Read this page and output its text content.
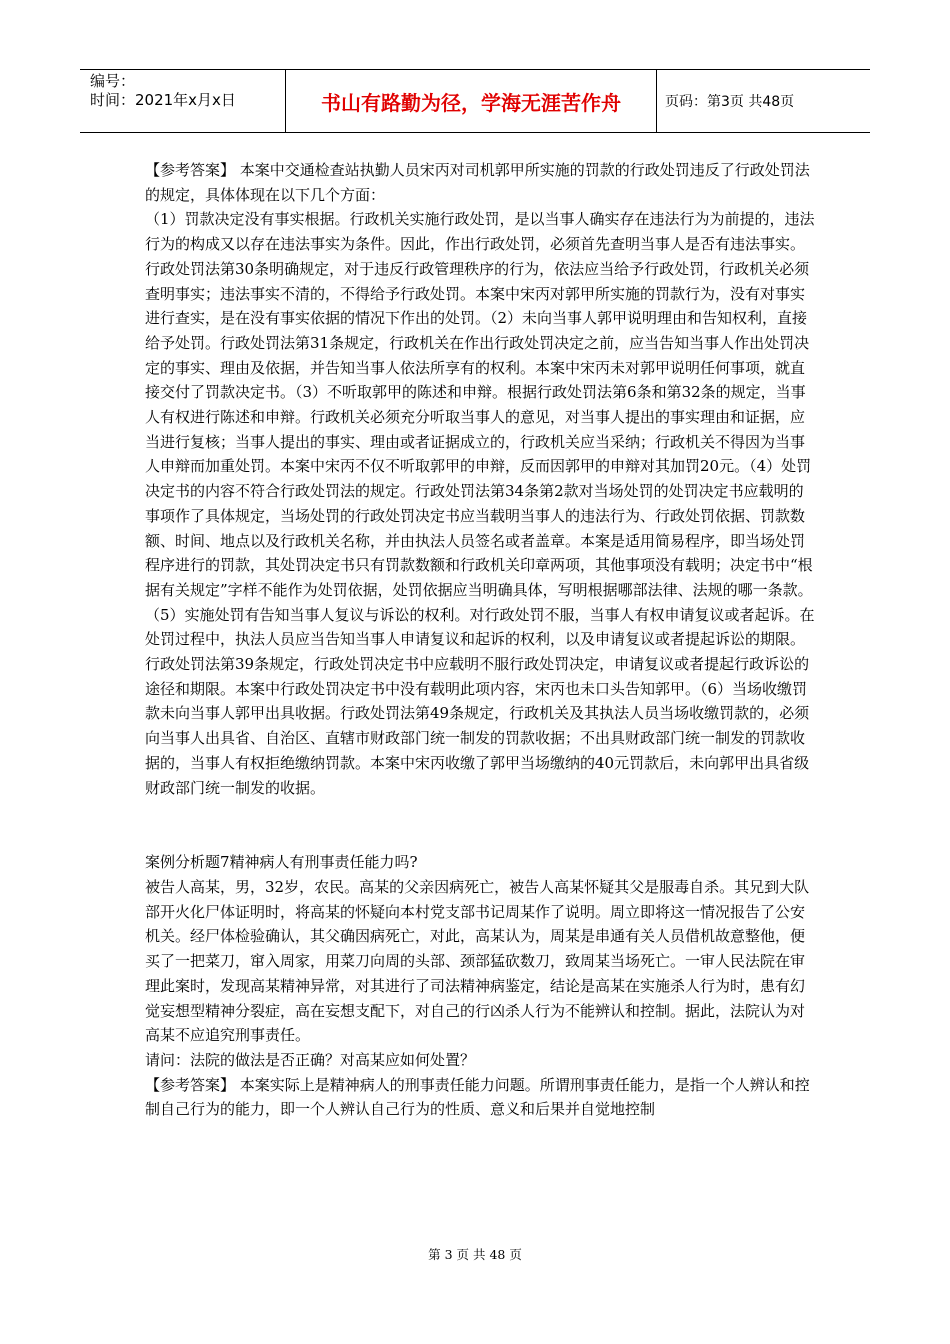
编号：
时间：2021年x月x日	书山有路勤为径，学海无涯苦作舟	页码：第3页 共48页

【参考答案】 本案中交通检查站执勤人员宋丙对司机郭甲所实施的罚款的行政处罚违反了行政处罚法的规定，具体体现在以下几个方面：

（1）罚款决定没有事实根据。行政机关实施行政处罚，是以当事人确实存在违法行为为前提的，违法行为的构成又以存在违法事实为条件。因此，作出行政处罚，必须首先查明当事人是否有违法事实。行政处罚法第30条明确规定，对于违反行政管理秩序的行为，依法应当给予行政处罚，行政机关必须查明事实；违法事实不清的，不得给予行政处罚。本案中宋丙对郭甲所实施的罚款行为，没有对事实进行查实，是在没有事实依据的情况下作出的处罚。（2）未向当事人郭甲说明理由和告知权利，直接给予处罚。行政处罚法第31条规定，行政机关在作出行政处罚决定之前，应当告知当事人作出处罚决定的事实、理由及依据，并告知当事人依法所享有的权利。本案中宋丙未对郭甲说明任何事项，就直接交付了罚款决定书。（3）不听取郭甲的陈述和申辩。根据行政处罚法第6条和第32条的规定，当事人有权进行陈述和申辩。行政机关必须充分听取当事人的意见，对当事人提出的事实理由和证据，应当进行复核；当事人提出的事实、理由或者证据成立的，行政机关应当采纳；行政机关不得因为当事人申辩而加重处罚。本案中宋丙不仅不听取郭甲的申辩，反而因郭甲的申辩对其加罚20元。（4）处罚决定书的内容不符合行政处罚法的规定。行政处罚法第34条第2款对当场处罚的处罚决定书应载明的事项作了具体规定，当场处罚的行政处罚决定书应当载明当事人的违法行为、行政处罚依据、罚款数额、时间、地点以及行政机关名称，并由执法人员签名或者盖章。本案是适用简易程序，即当场处罚程序进行的罚款，其处罚决定书只有罚款数额和行政机关印章两项，其他事项没有载明；决定书中“根据有关规定”字样不能作为处罚依据，处罚依据应当明确具体，写明根据哪部法律、法规的哪一条款。 （5）实施处罚有告知当事人复议与诉讼的权利。对行政处罚不服，当事人有权申请复议或者起诉。在处罚过程中，执法人员应当告知当事人申请复议和起诉的权利，以及申请复议或者提起诉讼的期限。行政处罚法第39条规定，行政处罚决定书中应载明不服行政处罚决定，申请复议或者提起行政诉讼的途径和期限。本案中行政处罚决定书中没有载明此项内容，宋丙也未口头告知郭甲。（6）当场收缴罚款未向当事人郭甲出具收据。行政处罚法第49条规定，行政机关及其执法人员当场收缴罚款的，必须向当事人出具省、自治区、直辖市财政部门统一制发的罚款收据；不出具财政部门统一制发的罚款收据的，当事人有权拒绝缴纳罚款。本案中宋丙收缴了郭甲当场缴纳的40元罚款后，未向郭甲出具省级财政部门统一制发的收据。

案例分析题7精神病人有刑事责任能力吗?

被告人高某，男，32岁，农民。高某的父亲因病死亡，被告人高某怀疑其父是服毒自杀。其兄到大队部开火化尸体证明时，将高某的怀疑向本村党支部书记周某作了说明。周立即将这一情况报告了公安机关。经尸体检验确认，其父确因病死亡，对此，高某认为，周某是串通有关人员借机故意整他，便买了一把菜刀，窜入周家，用菜刀向周的头部、颈部猛砍数刀，致周某当场死亡。一审人民法院在审理此案时，发现高某精神异常，对其进行了司法精神病鉴定，结论是高某在实施杀人行为时，患有幻觉妄想型精神分裂症，高在妄想支配下，对自己的行凶杀人行为不能辨认和控制。据此，法院认为对高某不应追究刑事责任。

请问：法院的做法是否正确？对高某应如何处置？

【参考答案】 本案实际上是精神病人的刑事责任能力问题。所谓刑事责任能力，是指一个人辨认和控制自己行为的能力，即一个人辨认自己行为的性质、意义和后果并自觉地控制

第 3 页 共 48 页
